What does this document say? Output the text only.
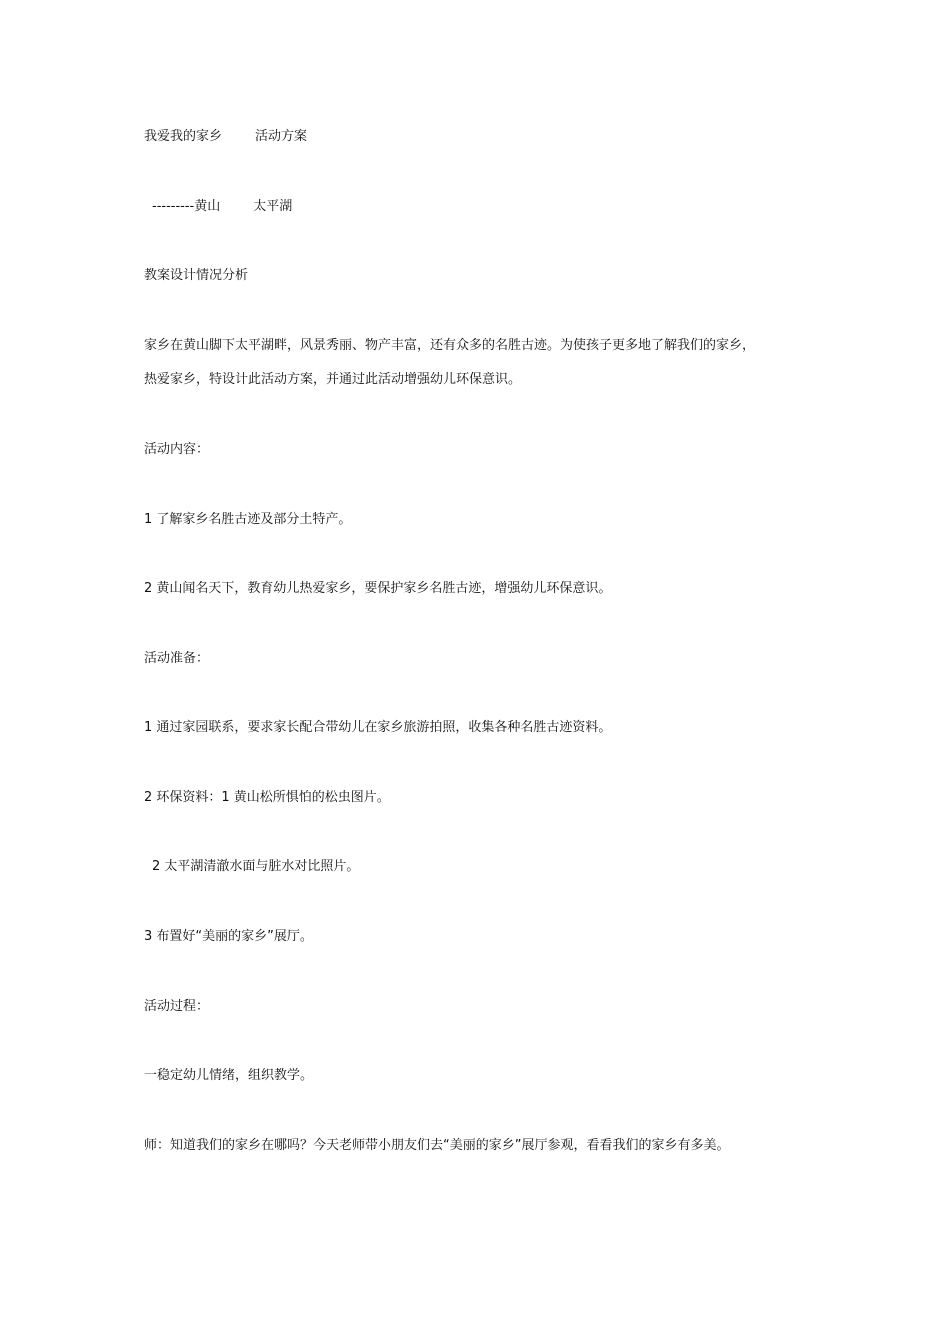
我爱我的家乡        活动方案

---------黄山        太平湖

教案设计情况分析

家乡在黄山脚下太平湖畔，风景秀丽、物产丰富，还有众多的名胜古迹。为使孩子更多地了解我们的家乡，

热爱家乡，特设计此活动方案，并通过此活动增强幼儿环保意识。

活动内容：

1 了解家乡名胜古迹及部分土特产。

2 黄山闻名天下，教育幼儿热爱家乡，要保护家乡名胜古迹，增强幼儿环保意识。

活动准备：

1 通过家园联系，要求家长配合带幼儿在家乡旅游拍照，收集各种名胜古迹资料。

2 环保资料：1 黄山松所惧怕的松虫图片。

2 太平湖清澈水面与脏水对比照片。

3 布置好“美丽的家乡”展厅。

活动过程：

一稳定幼儿情绪，组织教学。

师：知道我们的家乡在哪吗？今天老师带小朋友们去“美丽的家乡”展厅参观，看看我们的家乡有多美。
